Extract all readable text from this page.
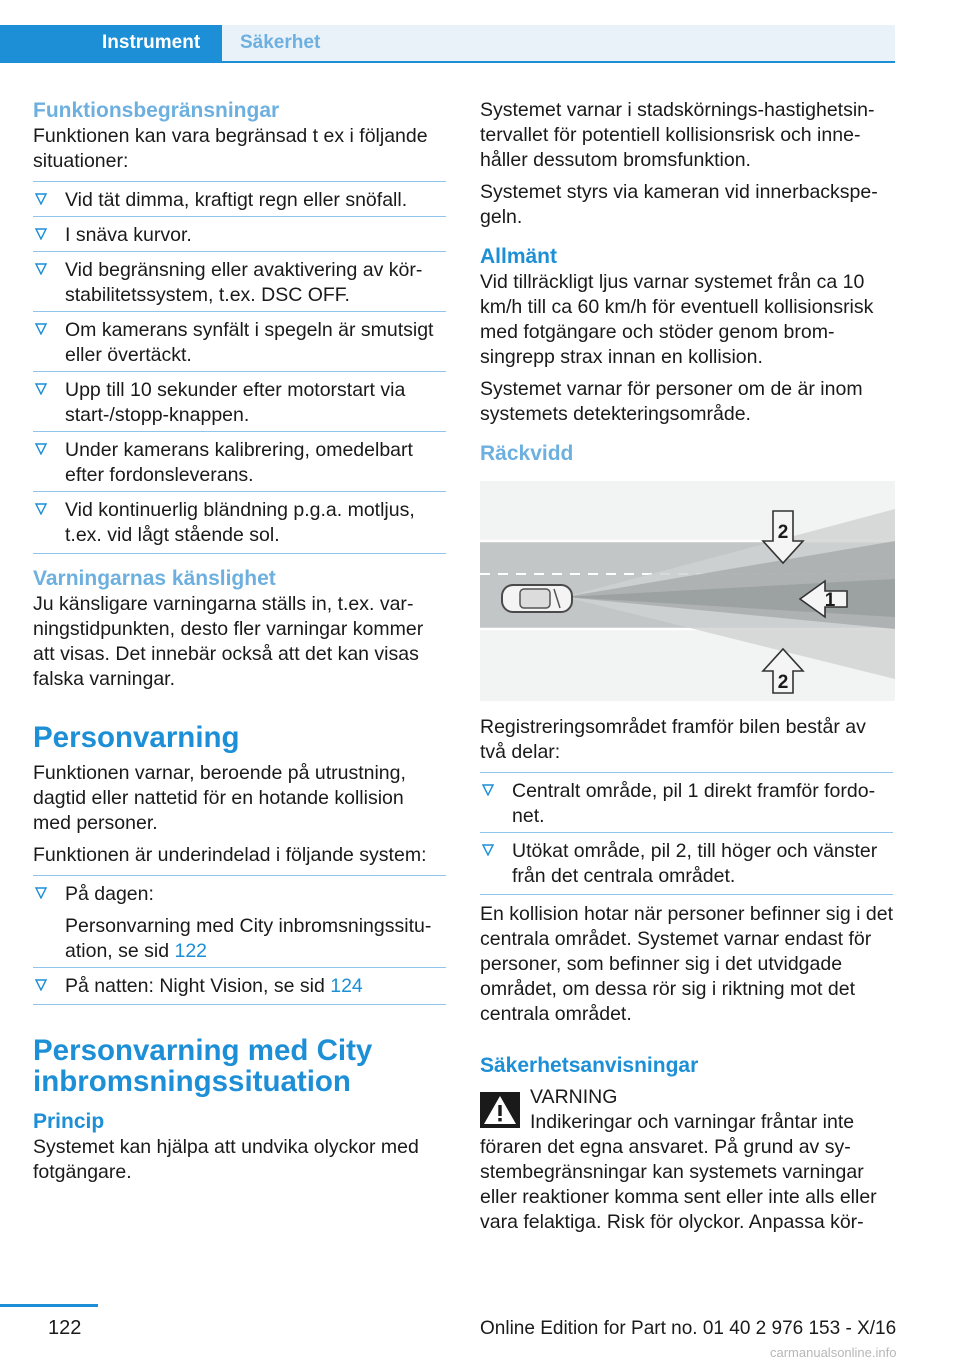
Instrument	Säkerhet
Funktionsbegränsningar

Funktionen kan vara begränsad t ex i följande situationer:

Vid tät dimma, kraftigt regn eller snöfall.
I snäva kurvor.
Vid begränsning eller avaktivering av körstabilitetssystem, t.ex. DSC OFF.
Om kamerans synfält i spegeln är smutsigt eller övertäckt.
Upp till 10 sekunder efter motorstart via start-/stopp-knappen.
Under kamerans kalibrering, omedelbart efter fordonsleverans.
Vid kontinuerlig bländning p.g.a. motljus, t.ex. vid lågt stående sol.
Varningarnas känslighet

Ju känsligare varningarna ställs in, t.ex. varningstidpunkten, desto fler varningar kommer att visas. Det innebär också att det kan visas falska varningar.

Personvarning

Funktionen varnar, beroende på utrustning, dagtid eller nattetid för en hotande kollision med personer.

Funktionen är underindelad i följande system:

På dagen:
Personvarning med City inbromsningssituation, se sid 122
På natten: Night Vision, se sid 124
Personvarning med City inbromsningssituation
Princip

Systemet kan hjälpa att undvika olyckor med fotgängare.

Systemet varnar i stadskörnings-hastighetsintervallet för potentiell kollisionsrisk och innehåller dessutom bromsfunktion.

Systemet styrs via kameran vid innerbackspegeln.

Allmänt

Vid tillräckligt ljus varnar systemet från ca 10 km/h till ca 60 km/h för eventuell kollisionsrisk med fotgängare och stöder genom bromsingrepp strax innan en kollision.

Systemet varnar för personer om de är inom systemets detekteringsområde.

Räckvidd
2
1
2

Registreringsområdet framför bilen består av två delar:

Centralt område, pil 1 direkt framför fordonet.
Utökat område, pil 2, till höger och vänster från det centrala området.

En kollision hotar när personer befinner sig i det centrala området. Systemet varnar endast för personer, som befinner sig i det utvidgade området, om dessa rör sig i riktning mot det centrala området.

Säkerhetsanvisningar
VARNING
Indikeringar och varningar fråntar inte
föraren det egna ansvaret. På grund av systembegränsningar kan systemets varningar eller reaktioner komma sent eller inte alls eller vara felaktiga. Risk för olyckor. Anpassa kör-
122	Online Edition for Part no. 01 40 2 976 153 - X/16
carmanualsonline.info
